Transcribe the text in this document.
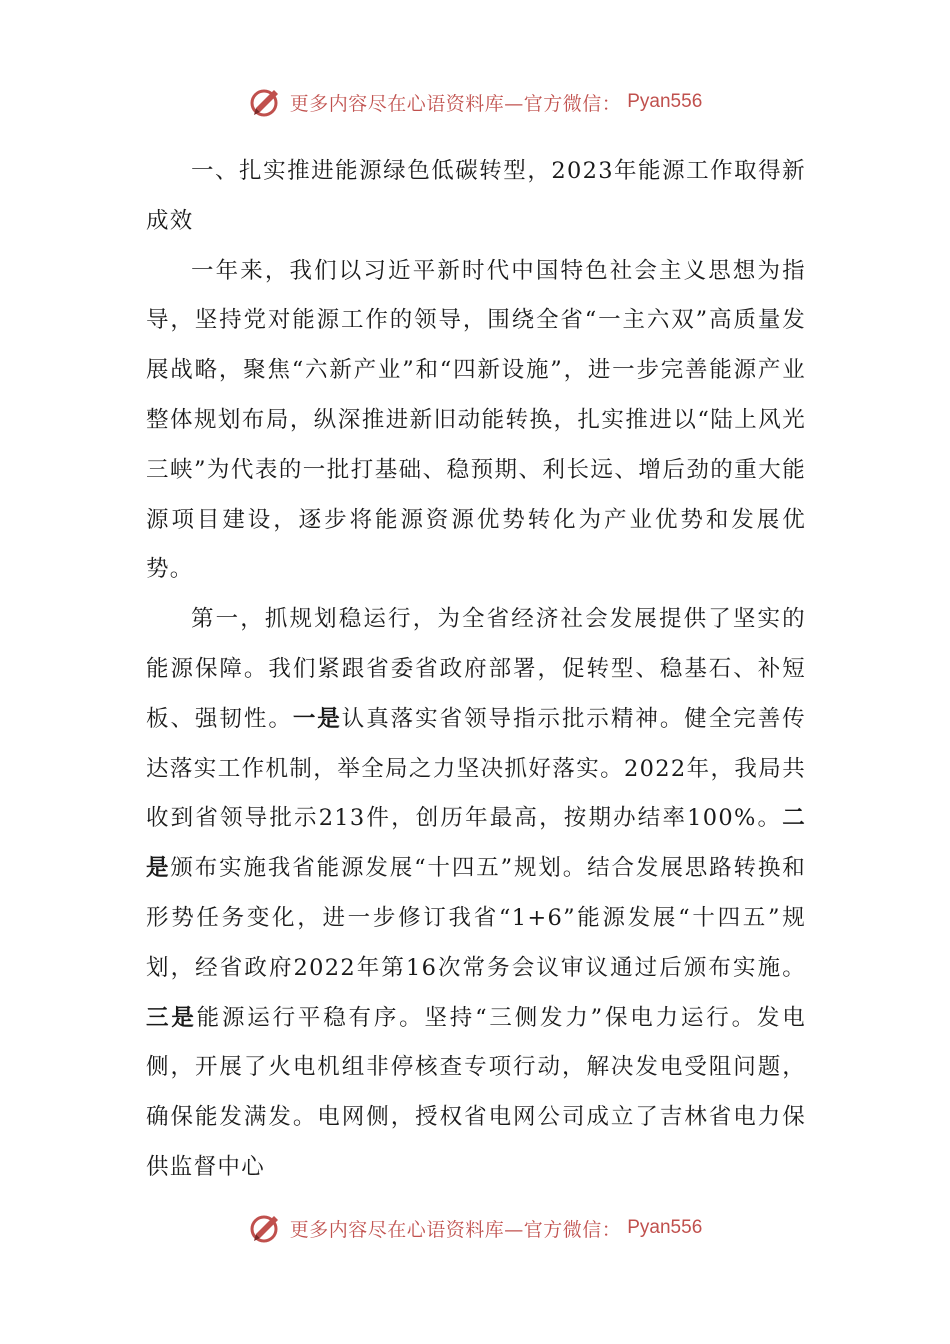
更多内容尽在心语资料库—官方微信： Pyan556

一、扎实推进能源绿色低碳转型，2023年能源工作取得新成效

一年来，我们以习近平新时代中国特色社会主义思想为指导，坚持党对能源工作的领导，围绕全省“一主六双”高质量发展战略，聚焦“六新产业”和“四新设施”，进一步完善能源产业整体规划布局，纵深推进新旧动能转换，扎实推进以“陆上风光三峡”为代表的一批打基础、稳预期、利长远、增后劲的重大能源项目建设，逐步将能源资源优势转化为产业优势和发展优势。

第一，抓规划稳运行，为全省经济社会发展提供了坚实的能源保障。我们紧跟省委省政府部署，促转型、稳基石、补短板、强韧性。一是认真落实省领导指示批示精神。健全完善传达落实工作机制，举全局之力坚决抓好落实。2022年，我局共收到省领导批示213件，创历年最高，按期办结率100%。二是颁布实施我省能源发展“十四五”规划。结合发展思路转换和形势任务变化，进一步修订我省“1+6”能源发展“十四五”规划，经省政府2022年第16次常务会议审议通过后颁布实施。三是能源运行平稳有序。坚持“三侧发力”保电力运行。发电侧，开展了火电机组非停核查专项行动，解决发电受阻问题，确保能发满发。电网侧，授权省电网公司成立了吉林省电力保供监督中心

更多内容尽在心语资料库—官方微信： Pyan556
